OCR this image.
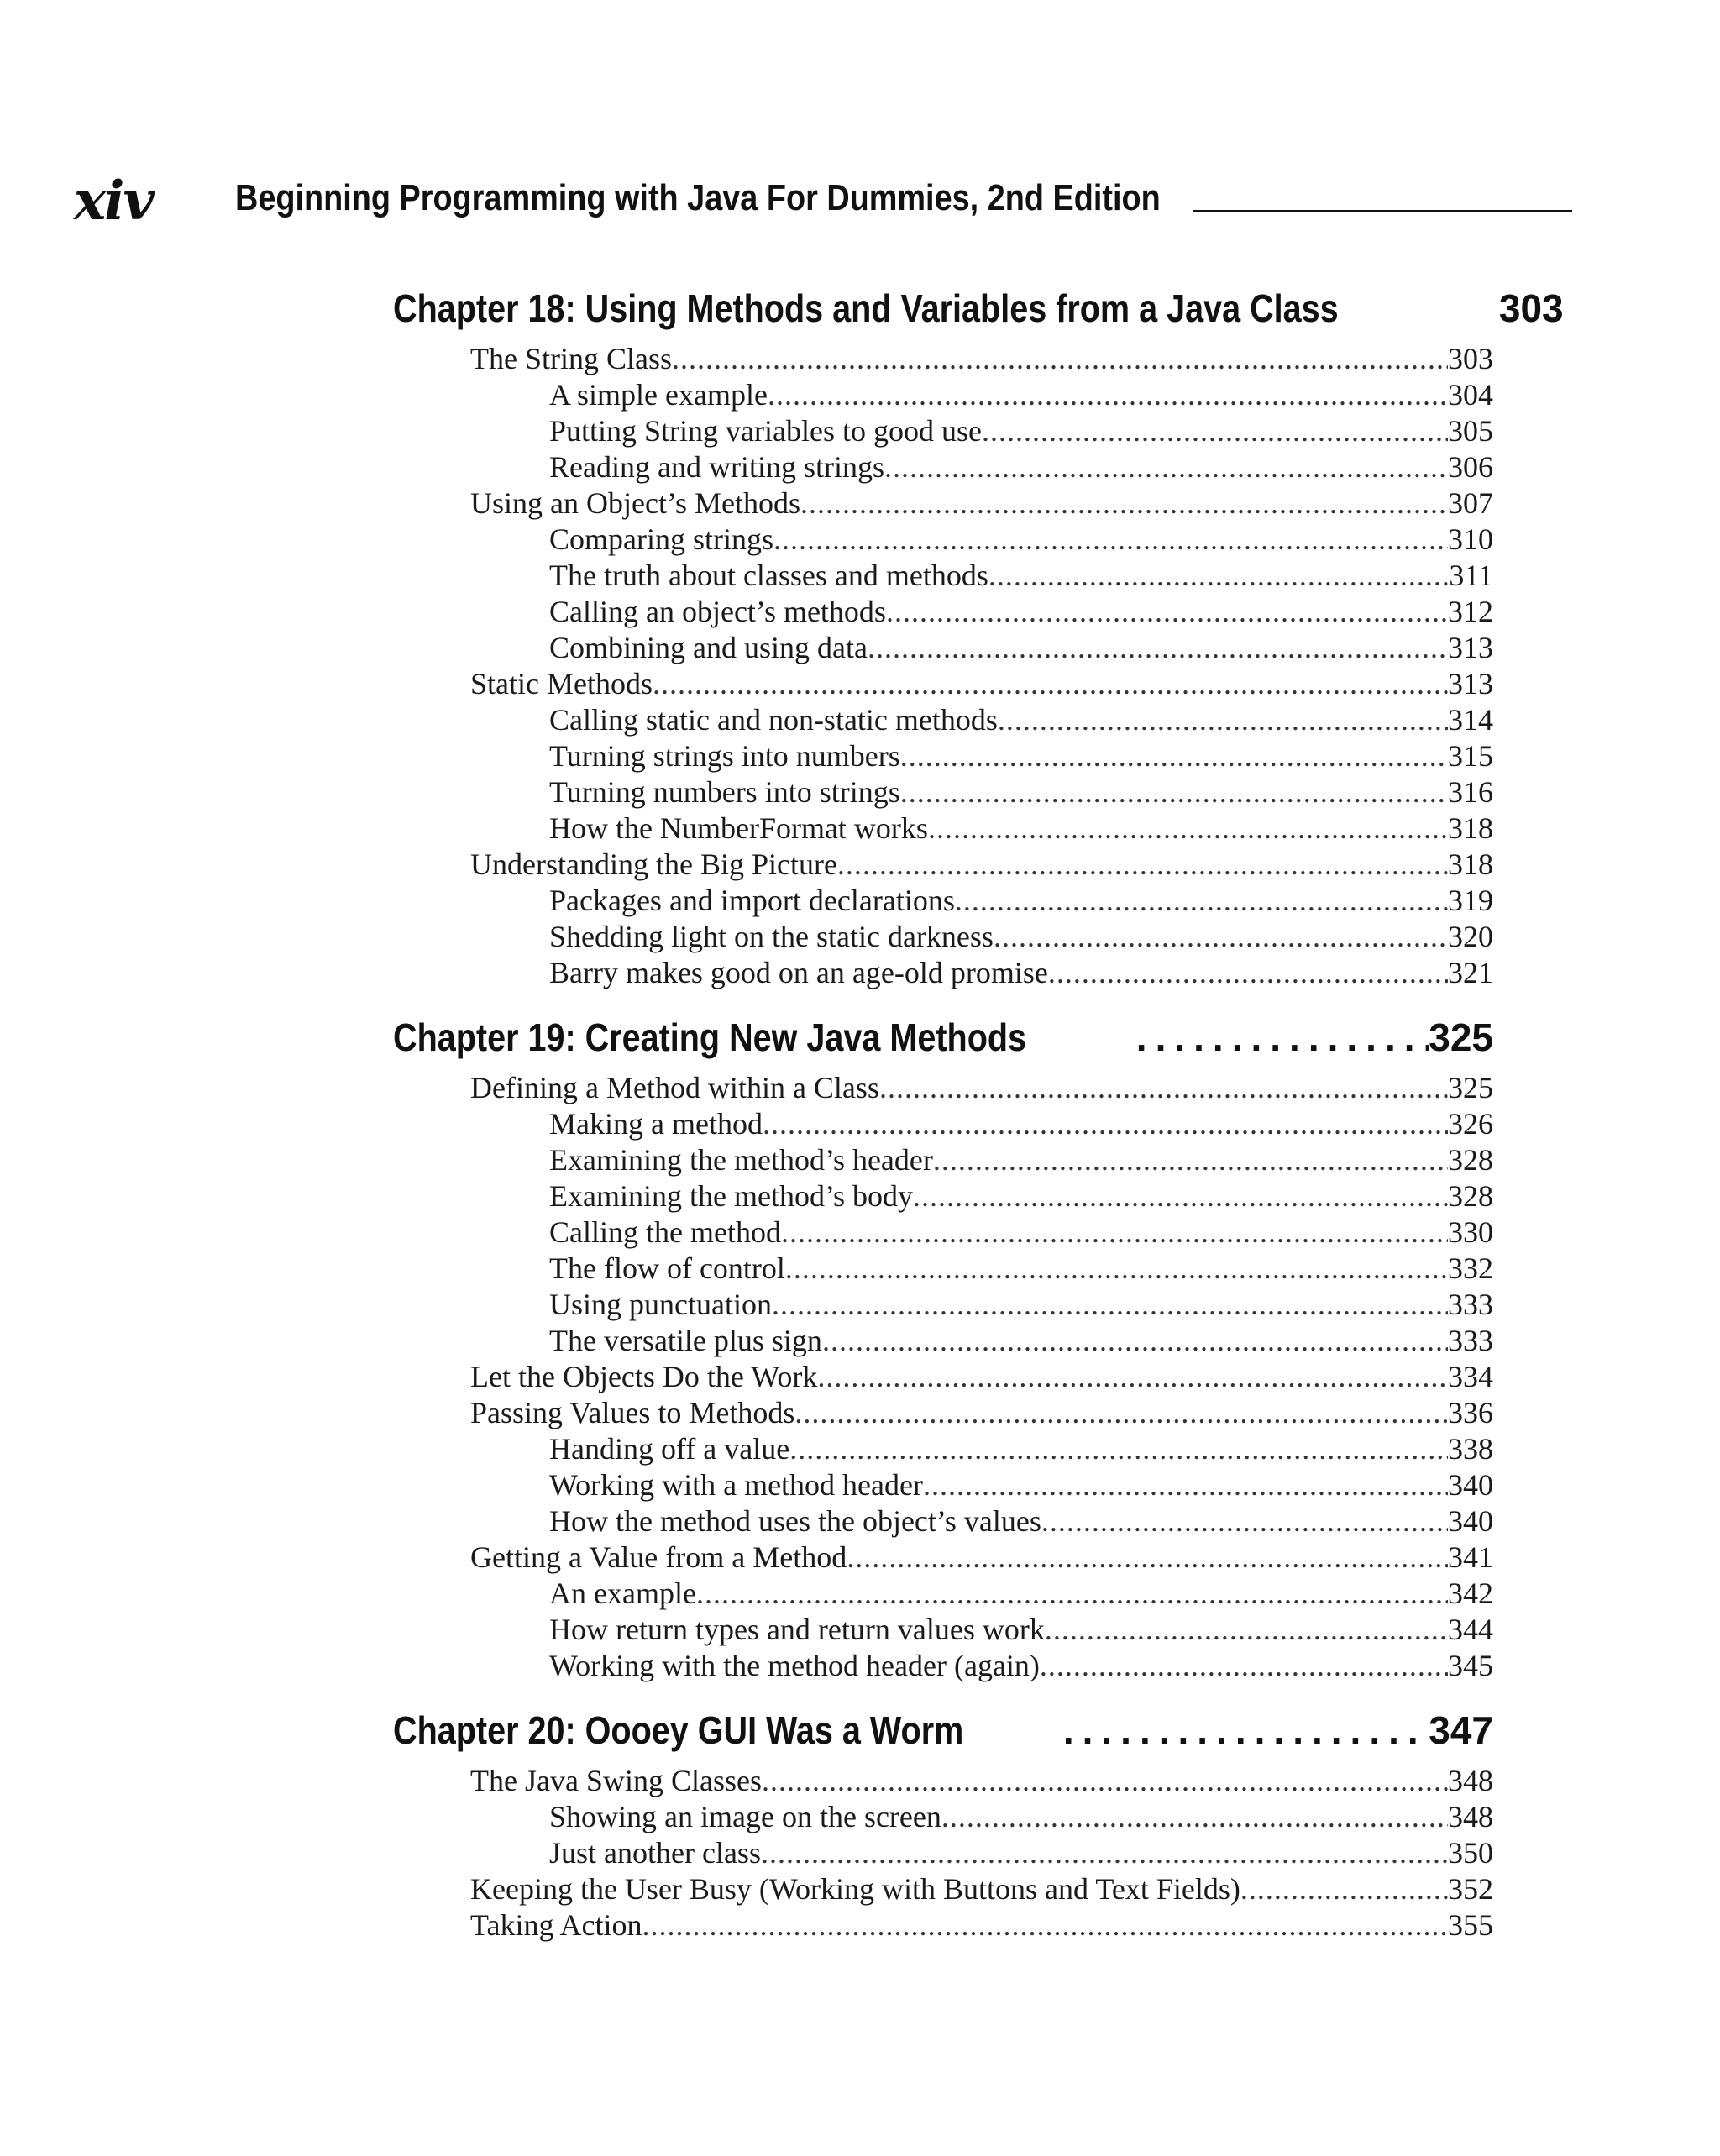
xiv Beginning Programming with Java For Dummies, 2nd Edition
Chapter 18: Using Methods and Variables from a Java Class .....	303
The String Class .....	303
A simple example .....	304
Putting String variables to good use .....	305
Reading and writing strings .....	306
Using an Object’s Methods .....	307
Comparing strings .....	310
The truth about classes and methods .....	311
Calling an object’s methods .....	312
Combining and using data .....	313
Static Methods .....	313
Calling static and non-static methods .....	314
Turning strings into numbers .....	315
Turning numbers into strings .....	316
How the NumberFormat works .....	318
Understanding the Big Picture .....	318
Packages and import declarations .....	319
Shedding light on the static darkness .....	320
Barry makes good on an age-old promise .....	321
Chapter 19: Creating New Java Methods .....	325
Defining a Method within a Class .....	325
Making a method .....	326
Examining the method’s header .....	328
Examining the method’s body .....	328
Calling the method .....	330
The flow of control .....	332
Using punctuation .....	333
The versatile plus sign .....	333
Let the Objects Do the Work .....	334
Passing Values to Methods .....	336
Handing off a value .....	338
Working with a method header .....	340
How the method uses the object’s values .....	340
Getting a Value from a Method .....	341
An example .....	342
How return types and return values work .....	344
Working with the method header (again) .....	345
Chapter 20: Oooey GUI Was a Worm .....	347
The Java Swing Classes .....	348
Showing an image on the screen .....	348
Just another class .....	350
Keeping the User Busy (Working with Buttons and Text Fields) .....	352
Taking Action .....	355
